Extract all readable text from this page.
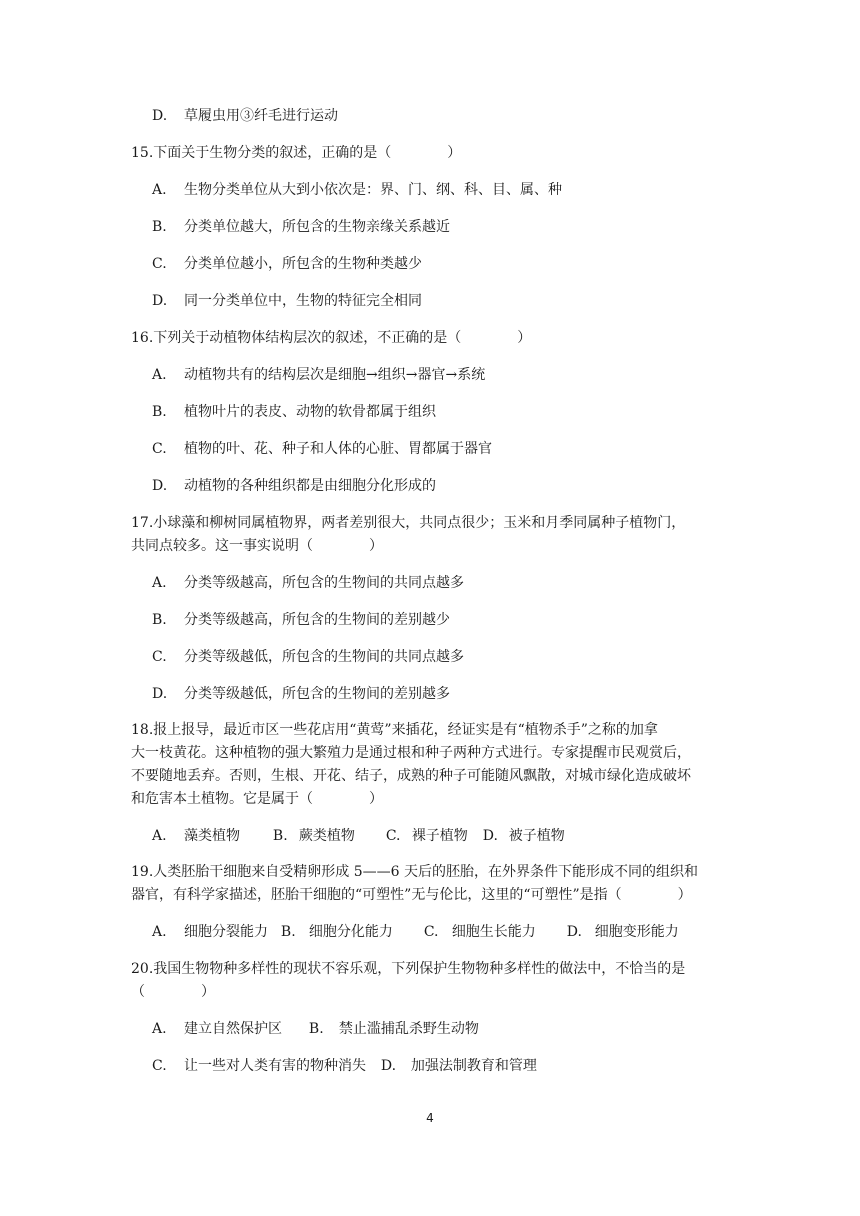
D. 草履虫用③纤毛进行运动
15.下面关于生物分类的叙述，正确的是（　　　　）
A. 生物分类单位从大到小依次是：界、门、纲、科、目、属、种
B. 分类单位越大，所包含的生物亲缘关系越近
C. 分类单位越小，所包含的生物种类越少
D. 同一分类单位中，生物的特征完全相同
16.下列关于动植物体结构层次的叙述，不正确的是（　　　　）
A. 动植物共有的结构层次是细胞→组织→器官→系统
B. 植物叶片的表皮、动物的软骨都属于组织
C. 植物的叶、花、种子和人体的心脏、胃都属于器官
D. 动植物的各种组织都是由细胞分化形成的
17.小球藻和柳树同属植物界，两者差别很大，共同点很少；玉米和月季同属种子植物门，
共同点较多。这一事实说明（　　　　）
A. 分类等级越高，所包含的生物间的共同点越多
B. 分类等级越高，所包含的生物间的差别越少
C. 分类等级越低，所包含的生物间的共同点越多
D. 分类等级越低，所包含的生物间的差别越多
18.报上报导，最近市区一些花店用“黄莺”来插花，经证实是有“植物杀手”之称的加拿
大一枝黄花。这种植物的强大繁殖力是通过根和种子两种方式进行。专家提醒市民观赏后，
不要随地丢弃。否则，生根、开花、结子，成熟的种子可能随风飘散，对城市绿化造成破坏
和危害本土植物。它是属于（　　　　）
A. 藻类植物 B. 蕨类植物 C. 裸子植物 D. 被子植物
19.人类胚胎干细胞来自受精卵形成 5——6 天后的胚胎，在外界条件下能形成不同的组织和
器官，有科学家描述，胚胎干细胞的“可塑性”无与伦比，这里的“可塑性”是指（　　　　）
A. 细胞分裂能力 B. 细胞分化能力 C. 细胞生长能力 D. 细胞变形能力
20.我国生物物种多样性的现状不容乐观，下列保护生物物种多样性的做法中，不恰当的是
（　　　　）
A. 建立自然保护区 B. 禁止滥捕乱杀野生动物
C. 让一些对人类有害的物种消失 D. 加强法制教育和管理
4
